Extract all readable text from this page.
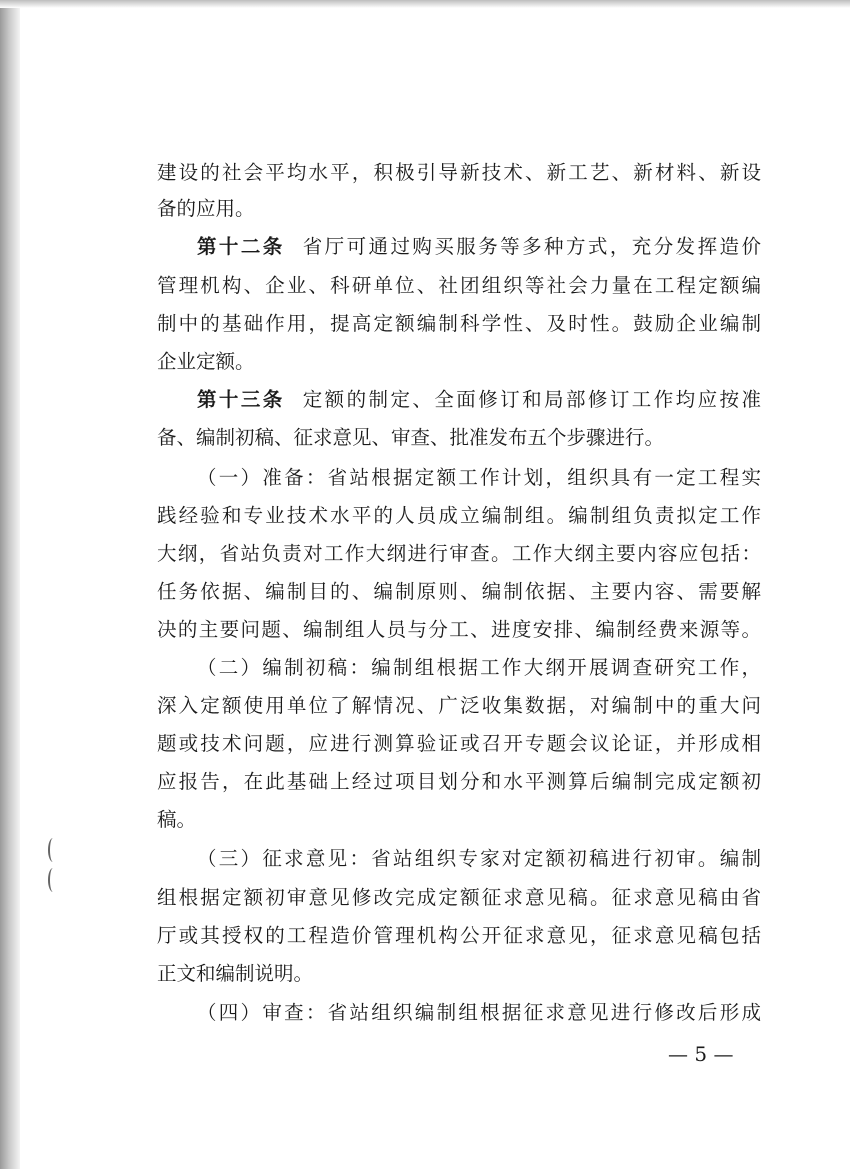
建设的社会平均水平，积极引导新技术、新工艺、新材料、新设
备的应用。
第十二条 省厅可通过购买服务等多种方式，充分发挥造价
管理机构、企业、科研单位、社团组织等社会力量在工程定额编
制中的基础作用，提高定额编制科学性、及时性。鼓励企业编制
企业定额。
第十三条 定额的制定、全面修订和局部修订工作均应按准
备、编制初稿、征求意见、审查、批准发布五个步骤进行。
（一）准备：省站根据定额工作计划，组织具有一定工程实
践经验和专业技术水平的人员成立编制组。编制组负责拟定工作
大纲，省站负责对工作大纲进行审查。工作大纲主要内容应包括：
任务依据、编制目的、编制原则、编制依据、主要内容、需要解
决的主要问题、编制组人员与分工、进度安排、编制经费来源等。
（二）编制初稿：编制组根据工作大纲开展调查研究工作，
深入定额使用单位了解情况、广泛收集数据，对编制中的重大问
题或技术问题，应进行测算验证或召开专题会议论证，并形成相
应报告，在此基础上经过项目划分和水平测算后编制完成定额初
稿。
（三）征求意见：省站组织专家对定额初稿进行初审。编制
组根据定额初审意见修改完成定额征求意见稿。征求意见稿由省
厅或其授权的工程造价管理机构公开征求意见，征求意见稿包括
正文和编制说明。
（四）审查：省站组织编制组根据征求意见进行修改后形成
— 5 —
